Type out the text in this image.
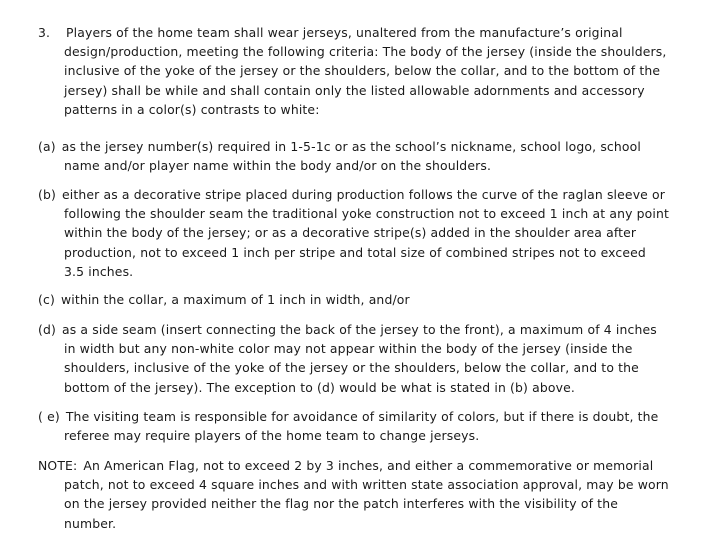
3. Players of the home team shall wear jerseys, unaltered from the manufacture’s original design/production, meeting the following criteria: The body of the jersey (inside the shoulders, inclusive of the yoke of the jersey or the shoulders, below the collar, and to the bottom of the jersey) shall be while and shall contain only the listed allowable adornments and accessory patterns in a color(s) contrasts to white:

(a) as the jersey number(s) required in 1-5-1c or as the school’s nickname, school logo, school name and/or player name within the body and/or on the shoulders.

(b) either as a decorative stripe placed during production follows the curve of the raglan sleeve or following the shoulder seam the traditional yoke construction not to exceed 1 inch at any point within the body of the jersey; or as a decorative stripe(s) added in the shoulder area after production, not to exceed 1 inch per stripe and total size of combined stripes not to exceed 3.5 inches.

(c) within the collar, a maximum of 1 inch in width, and/or

(d) as a side seam (insert connecting the back of the jersey to the front), a maximum of 4 inches in width but any non-white color may not appear within the body of the jersey (inside the shoulders, inclusive of the yoke of the jersey or the shoulders, below the collar, and to the bottom of the jersey). The exception to (d) would be what is stated in (b) above.

( e) The visiting team is responsible for avoidance of similarity of colors, but if there is doubt, the referee may require players of the home team to change jerseys.

NOTE: An American Flag, not to exceed 2 by 3 inches, and either a commemorative or memorial patch, not to exceed 4 square inches and with written state association approval, may be worn on the jersey provided neither the flag nor the patch interferes with the visibility of the number.
